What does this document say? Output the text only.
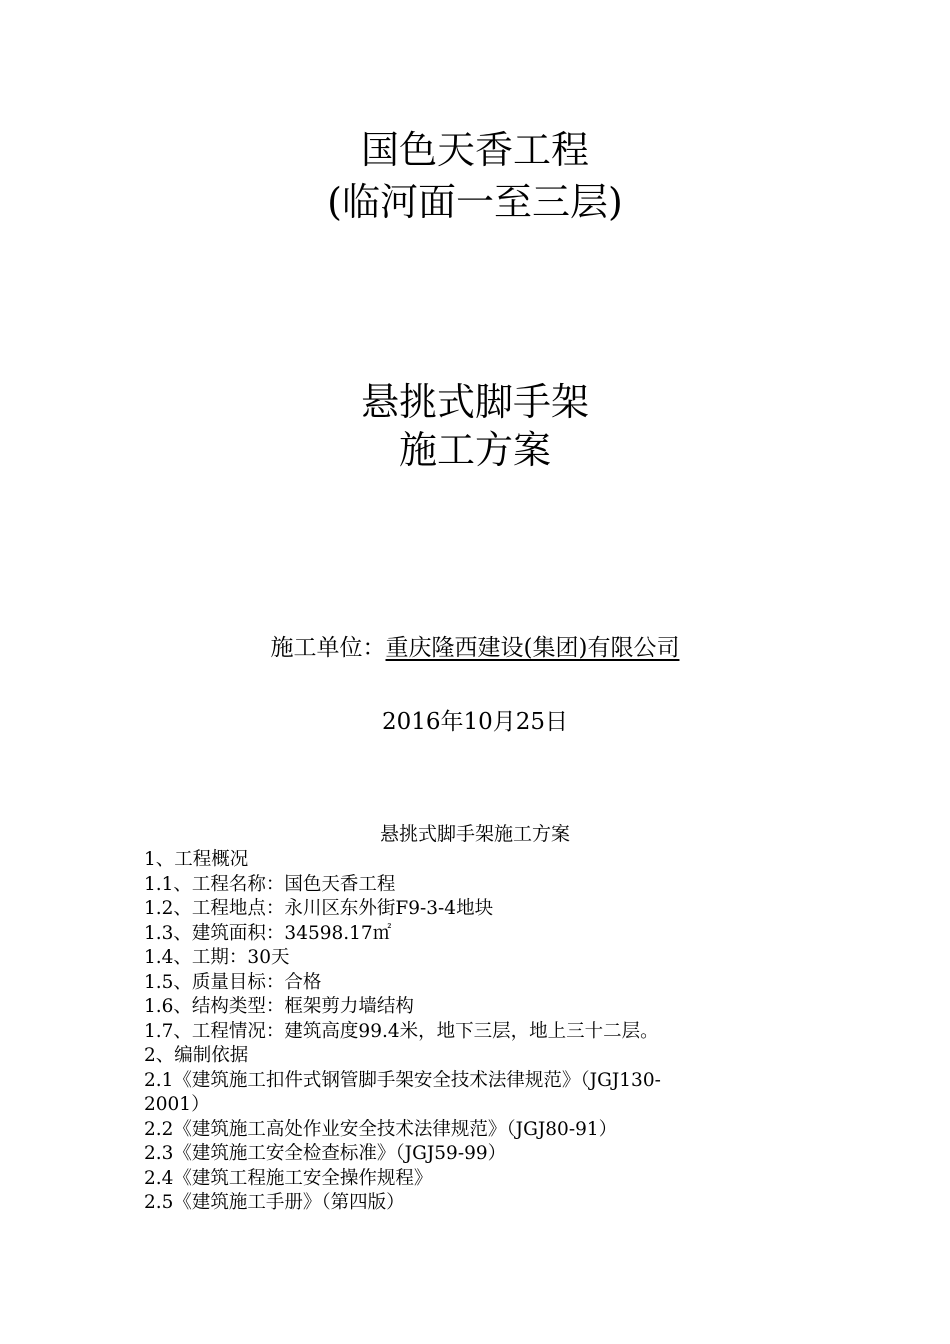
国色天香工程
(临河面一至三层)
悬挑式脚手架
施工方案
施工单位：重庆隆西建设(集团)有限公司
2016年10月25日
悬挑式脚手架施工方案
1、工程概况
1.1、工程名称：国色天香工程
1.2、工程地点：永川区东外街F9-3-4地块
1.3、建筑面积：34598.17㎡
1.4、工期：30天
1.5、质量目标：合格
1.6、结构类型：框架剪力墙结构
1.7、工程情况：建筑高度99.4米，地下三层，地上三十二层。
2、编制依据
2.1《建筑施工扣件式钢管脚手架安全技术法律规范》（JGJ130-
2001）
2.2《建筑施工高处作业安全技术法律规范》（JGJ80-91）
2.3《建筑施工安全检查标准》（JGJ59-99）
2.4《建筑工程施工安全操作规程》
2.5《建筑施工手册》（第四版）
